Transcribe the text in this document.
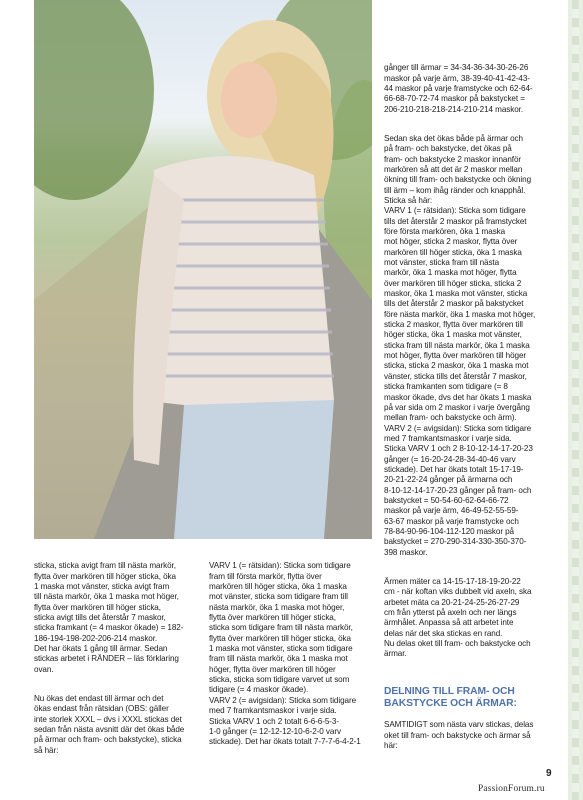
sticka, sticka avigt fram till nästa markör,
flytta över markören till höger sticka, öka
1 maska mot vänster, sticka avigt fram
till nästa markör, öka 1 maska mot höger,
flytta över markören till höger sticka,
sticka avigt tills det återstår 7 maskor,
sticka framkant (= 4 maskor ökade) = 182-
186-194-198-202-206-214 maskor.
Det har ökats 1 gång till ärmar. Sedan
stickas arbetet i RÄNDER – läs förklaring
ovan.

Nu ökas det endast till ärmar och det
ökas endast från rätsidan (OBS: gäller
inte storlek XXXL – dvs i XXXL stickas det
sedan från nästa avsnitt där det ökas både
på ärmar och fram- och bakstycke), sticka
så här:

VARV 1 (= rätsidan): Sticka som tidigare
fram till första markör, flytta över
markören till höger sticka, öka 1 maska
mot vänster, sticka som tidigare fram till
nästa markör, öka 1 maska mot höger,
flytta över markören till höger sticka,
sticka som tidigare fram till nästa markör,
flytta över markören till höger sticka, öka
1 maska mot vänster, sticka som tidigare
fram till nästa markör, öka 1 maska mot
höger, flytta över markören till höger
sticka, sticka som tidigare varvet ut som
tidigare (= 4 maskor ökade).
VARV 2 (= avigsidan): Sticka som tidigare
med 7 framkantsmaskor i varje sida.
Sticka VARV 1 och 2 totalt 6-6-6-5-3-
1-0 gånger (= 12-12-12-10-6-2-0 varv
stickade). Det har ökats totalt 7-7-7-6-4-2-1

gånger till ärmar = 34-34-36-34-30-26-26
maskor på varje ärm, 38-39-40-41-42-43-
44 maskor på varje framstycke och 62-64-
66-68-70-72-74 maskor på bakstycket =
206-210-218-218-214-210-214 maskor.

Sedan ska det ökas både på ärmar och
på fram- och bakstycke, det ökas på
fram- och bakstycke 2 maskor innanför
markören så att det är 2 maskor mellan
ökning till fram- och bakstycke och ökning
till ärm – kom ihåg ränder och knapphål.
Sticka så här:
VARV 1 (= rätsidan): Sticka som tidigare
tills det återstår 2 maskor på framstycket
före första markören, öka 1 maska
mot höger, sticka 2 maskor, flytta över
markören till höger sticka, öka 1 maska
mot vänster, sticka fram till nästa
markör, öka 1 maska mot höger, flytta
över markören till höger sticka, sticka 2
maskor, öka 1 maska mot vänster, sticka
tills det återstår 2 maskor på bakstycket
före nästa markör, öka 1 maska mot höger,
sticka 2 maskor, flytta över markören till
höger sticka, öka 1 maska mot vänster,
sticka fram till nästa markör, öka 1 maska
mot höger, flytta över markören till höger
sticka, sticka 2 maskor, öka 1 maska mot
vänster, sticka tills det återstår 7 maskor,
sticka framkanten som tidigare (= 8
maskor ökade, dvs det har ökats 1 maska
på var sida om 2 maskor i varje övergång
mellan fram- och bakstycke och ärm).
VARV 2 (= avigsidan): Sticka som tidigare
med 7 framkantsmaskor i varje sida.
Sticka VARV 1 och 2 8-10-12-14-17-20-23
gånger (= 16-20-24-28-34-40-46 varv
stickade). Det har ökats totalt 15-17-19-
20-21-22-24 gånger på ärmarna och
8-10-12-14-17-20-23 gånger på fram- och
bakstycket = 50-54-60-62-64-66-72
maskor på varje ärm, 46-49-52-55-59-
63-67 maskor på varje framstycke och
78-84-90-96-104-112-120 maskor på
bakstycket = 270-290-314-330-350-370-
398 maskor.

Ärmen mäter ca 14-15-17-18-19-20-22
cm - när koftan viks dubbelt vid axeln, ska
arbetet mäta ca 20-21-24-25-26-27-29
cm från ytterst på axeln och ner längs
ärmhålet. Anpassa så att arbetet inte
delas när det ska stickas en rand.
Nu delas oket till fram- och bakstycke och
ärmar.

DELNING TILL FRAM- OCH
BAKSTYCKE OCH ÄRMAR:

SAMTIDIGT som nästa varv stickas, delas
oket till fram- och bakstycke och ärmar så
här:

9
PassionForum.ru
